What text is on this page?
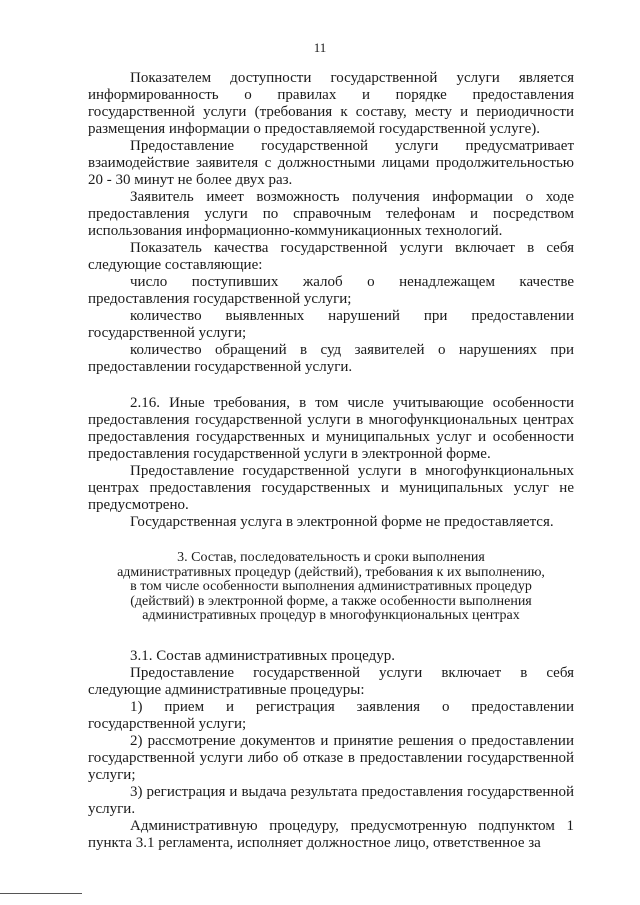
11

Показателем доступности государственной услуги является информированность о правилах и порядке предоставления государственной услуги (требования к составу, месту и периодичности размещения информации о предоставляемой государственной услуге).

Предоставление государственной услуги предусматривает взаимодействие заявителя с должностными лицами продолжительностью 20 - 30 минут не более двух раз.

Заявитель имеет возможность получения информации о ходе предоставления услуги по справочным телефонам и посредством использования информационно-коммуникационных технологий.

Показатель качества государственной услуги включает в себя следующие составляющие:

число поступивших жалоб о ненадлежащем качестве предоставления государственной услуги;

количество выявленных нарушений при предоставлении государственной услуги;

количество обращений в суд заявителей о нарушениях при предоставлении государственной услуги.

2.16. Иные требования, в том числе учитывающие особенности предоставления государственной услуги в многофункциональных центрах предоставления государственных и муниципальных услуг и особенности предоставления государственной услуги в электронной форме.

Предоставление государственной услуги в многофункциональных центрах предоставления государственных и муниципальных услуг не предусмотрено.

Государственная услуга в электронной форме не предоставляется.

3. Состав, последовательность и сроки выполнения
административных процедур (действий), требования к их выполнению,
в том числе особенности выполнения административных процедур
(действий) в электронной форме, а также особенности выполнения
административных процедур в многофункциональных центрах

3.1. Состав административных процедур.

Предоставление государственной услуги включает в себя следующие административные процедуры:

1) прием и регистрация заявления о предоставлении государственной услуги;

2) рассмотрение документов и принятие решения о предоставлении государственной услуги либо об отказе в предоставлении государственной услуги;

3) регистрация и выдача результата предоставления государственной услуги.

Административную процедуру, предусмотренную подпунктом 1 пункта 3.1 регламента, исполняет должностное лицо, ответственное за
